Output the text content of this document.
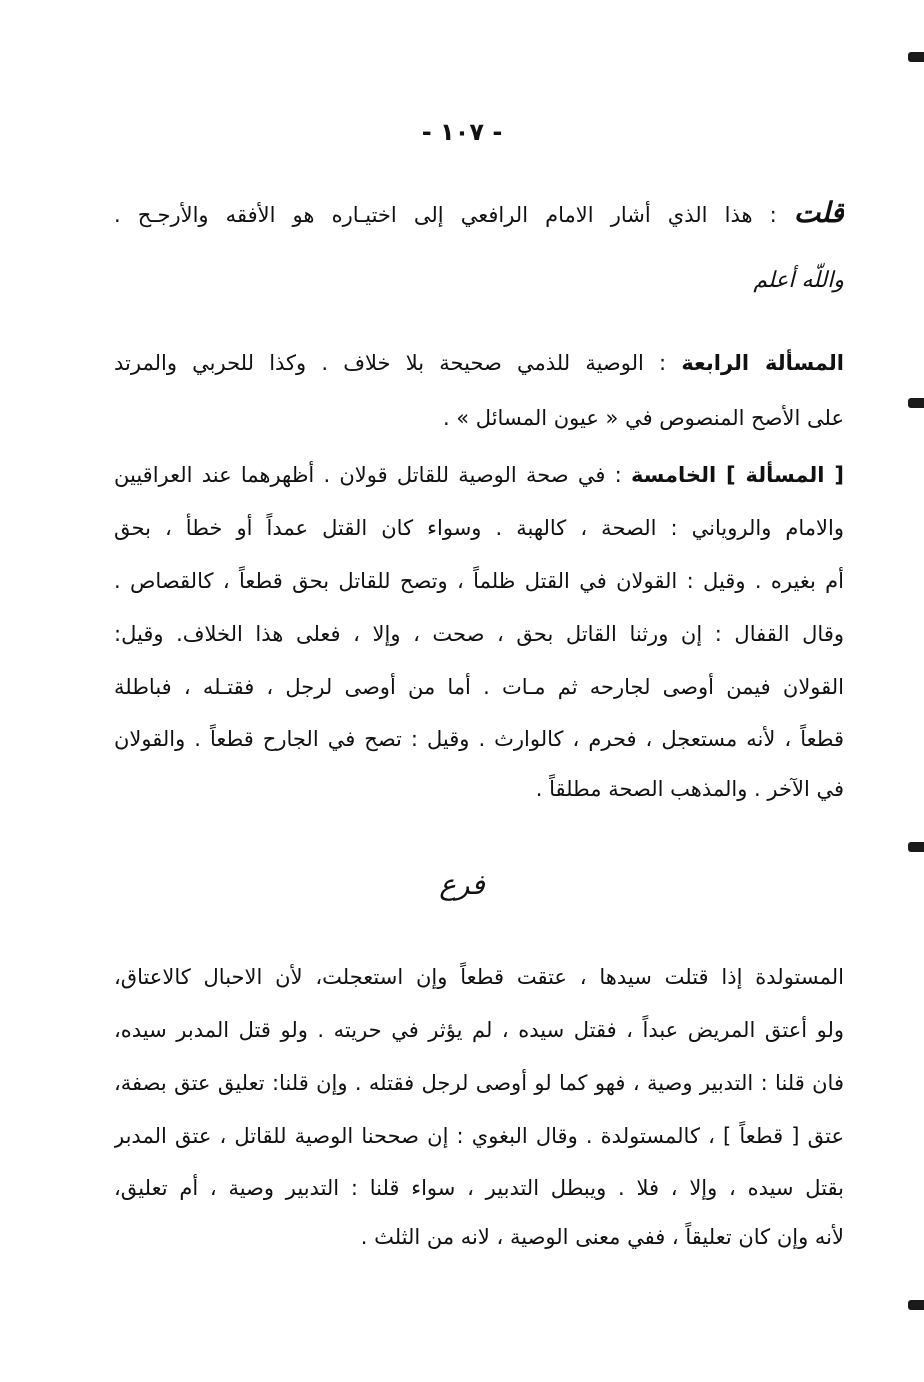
- ١٠٧ -
قلت : هذا الذي أشار الامام الرافعي إلى اختيـاره هو الأفقه والأرجـح .
واللّه أعلم
المسألة الرابعة : الوصية للذمي صحيحة بلا خلاف . وكذا للحربي والمرتد
على الأصح المنصوص في « عيون المسائل » .
[ المسألة ] الخامسة : في صحة الوصية للقاتل قولان . أظهرهما عند العراقيين
والامام والروياني : الصحة ، كالهبة . وسواء كان القتل عمداً أو خطأ ، بحق
أم بغيره . وقيل : القولان في القتل ظلماً ، وتصح للقاتل بحق قطعاً ، كالقصاص .
وقال القفال : إن ورثنا القاتل بحق ، صحت ، وإلا ، فعلى هذا الخلاف. وقيل:
القولان فيمن أوصى لجارحه ثم مـات . أما من أوصى لرجل ، فقتـله ، فباطلة
قطعاً ، لأنه مستعجل ، فحرم ، كالوارث . وقيل : تصح في الجارح قطعاً . والقولان
في الآخر . والمذهب الصحة مطلقاً .
فرع
المستولدة إذا قتلت سيدها ، عتقت قطعاً وإن استعجلت، لأن الاحبال كالاعتاق،
ولو أعتق المريض عبداً ، فقتل سيده ، لم يؤثر في حريته . ولو قتل المدبر سيده،
فان قلنا : التدبير وصية ، فهو كما لو أوصى لرجل فقتله . وإن قلنا: تعليق عتق بصفة،
عتق [ قطعاً ] ، كالمستولدة . وقال البغوي : إن صححنا الوصية للقاتل ، عتق المدبر
بقتل سيده ، وإلا ، فلا . ويبطل التدبير ، سواء قلنا : التدبير وصية ، أم تعليق،
لأنه وإن كان تعليقاً ، ففي معنى الوصية ، لانه من الثلث .
